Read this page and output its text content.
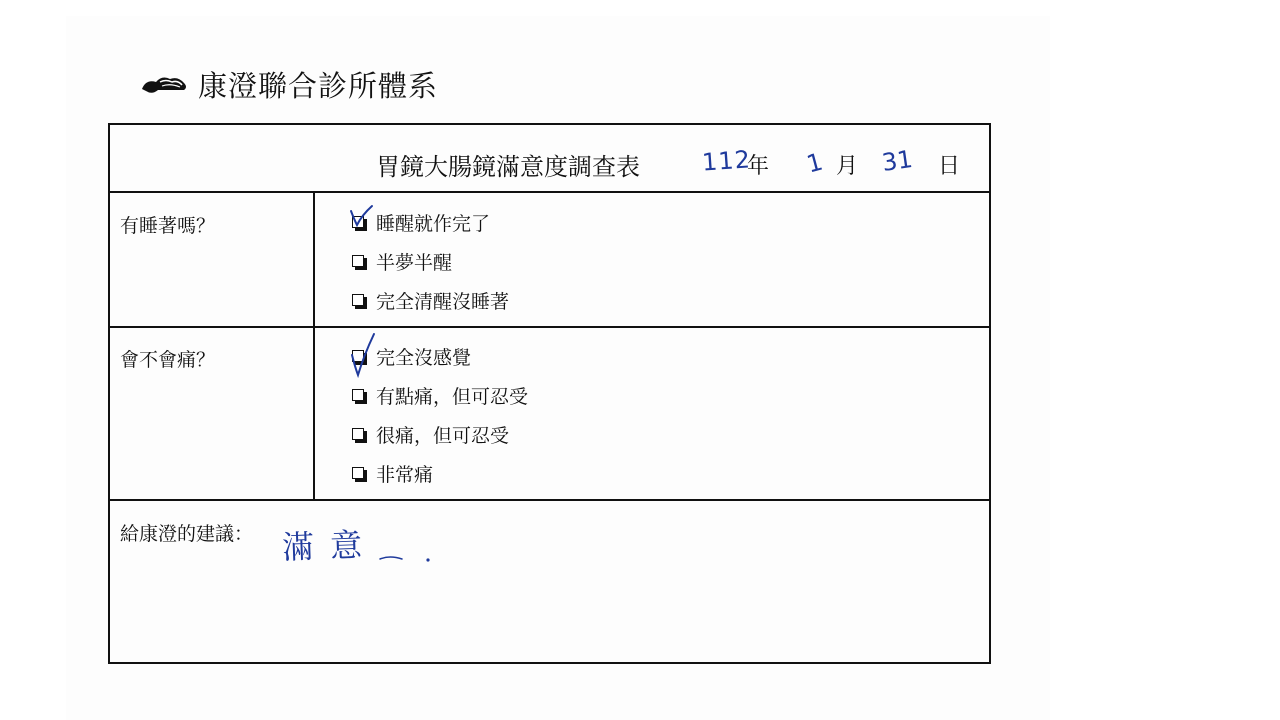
康澄聯合診所體系
胃鏡大腸鏡滿意度調查表	112
年 1 月 31 日
有睡著嗎？	睡醒就作完了
半夢半醒
完全清醒沒睡著
會不會痛？	完全沒感覺
有點痛，但可忍受
很痛，但可忍受
非常痛
給康澄的建議： 滿意
